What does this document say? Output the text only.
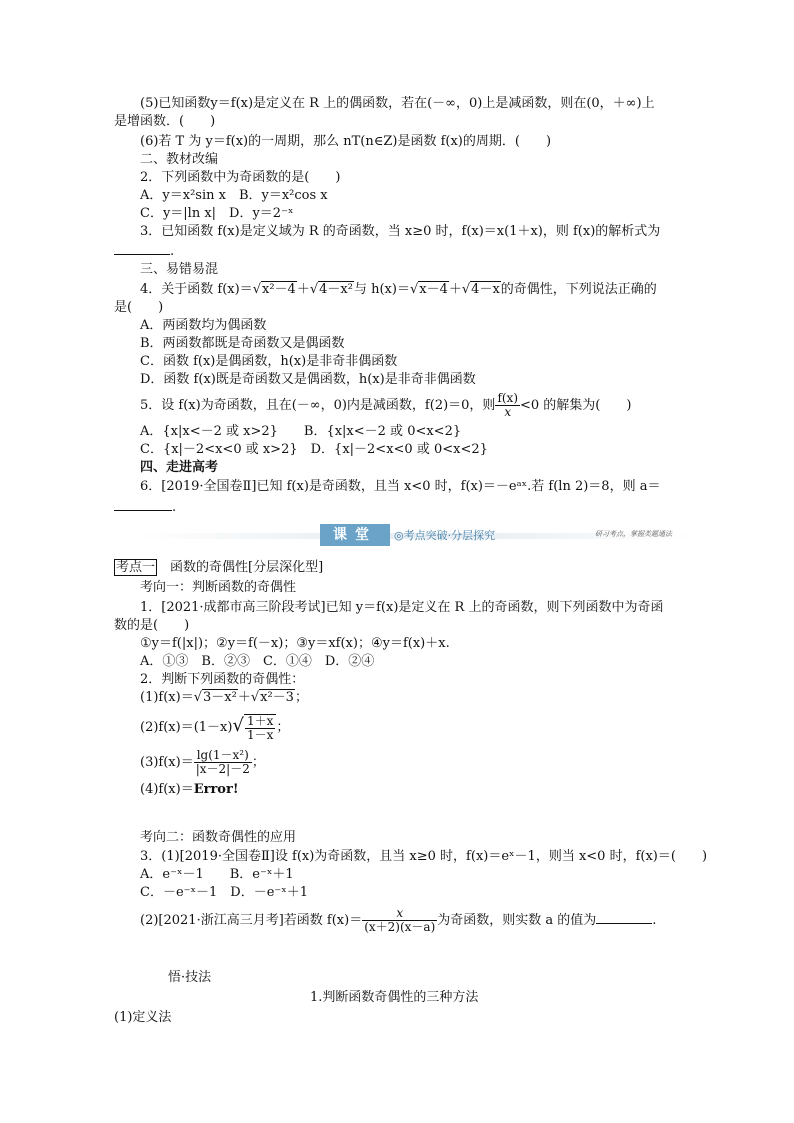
(5)已知函数y＝f(x)是定义在 R 上的偶函数，若在(－∞，0)上是减函数，则在(0，＋∞)上
是增函数．(　　)
(6)若 T 为 y＝f(x)的一周期，那么 nT(n∈Z)是函数 f(x)的周期．(　　)
二、教材改编
2．下列函数中为奇函数的是(　　)
A．y＝x²sin x　B．y＝x²cos x
C．y＝|ln x|　D．y＝2⁻ˣ
3．已知函数 f(x)是定义域为 R 的奇函数，当 x≥0 时，f(x)＝x(1＋x)，则 f(x)的解析式为
.
三、易错易混
4．关于函数 f(x)＝√x²－4＋√4－x²与 h(x)＝√x－4＋√4－x的奇偶性，下列说法正确的
是(　　)
A．两函数均为偶函数
B．两函数都既是奇函数又是偶函数
C．函数 f(x)是偶函数，h(x)是非奇非偶函数
D．函数 f(x)既是奇函数又是偶函数，h(x)是非奇非偶函数
5．设 f(x)为奇函数，且在(－∞，0)内是减函数，f(2)＝0，则 $\frac{f(x)}{x} <0$ 的解集为(　　)
A．{x|x<－2 或 x>2}　　B．{x|x<－2 或 0<x<2}
C．{x|－2<x<0 或 x>2}　D．{x|－2<x<0 或 0<x<2}
四、走进高考
6．[2019·全国卷Ⅱ]已知 f(x)是奇函数，且当 x<0 时，f(x)＝－eᵃˣ.若 f(ln 2)＝8，则 a＝
.
课堂	◎考点突破·分层探究	研习考点，掌握类题通法
考点一　函数的奇偶性[分层深化型]
考向一：判断函数的奇偶性
1．[2021·成都市高三阶段考试]已知 y＝f(x)是定义在 R 上的奇函数，则下列函数中为奇函
数的是(　　)
①y＝f(|x|)；②y＝f(－x)；③y＝xf(x)；④y＝f(x)＋x.
A．①③　B．②③　C．①④　D．②④
2．判断下列函数的奇偶性：
(1)f(x)＝√3－x²＋√x²－3；
$(2)f(x)=(1-x)√ \frac{1+x}{1-x}$ ；
$(3)f(x)= \frac{\text{lg(1－x²)}}{|x-2|-2}$ ；
(4)f(x)＝Error!
考向二：函数奇偶性的应用
3．(1)[2019·全国卷Ⅱ]设 f(x)为奇函数，且当 x≥0 时，f(x)＝eˣ－1，则当 x<0 时，f(x)＝(　　)
A．e⁻ˣ－1　　B．e⁻ˣ＋1
C．－e⁻ˣ－1　D．－e⁻ˣ＋1
(2)[2021·浙江高三月考]若函数 $f(x)= \frac{x}{(x+2)(x-a)}$ 为奇函数，则实数 a 的值为	.
悟·技法
1.判断函数奇偶性的三种方法
(1)定义法
